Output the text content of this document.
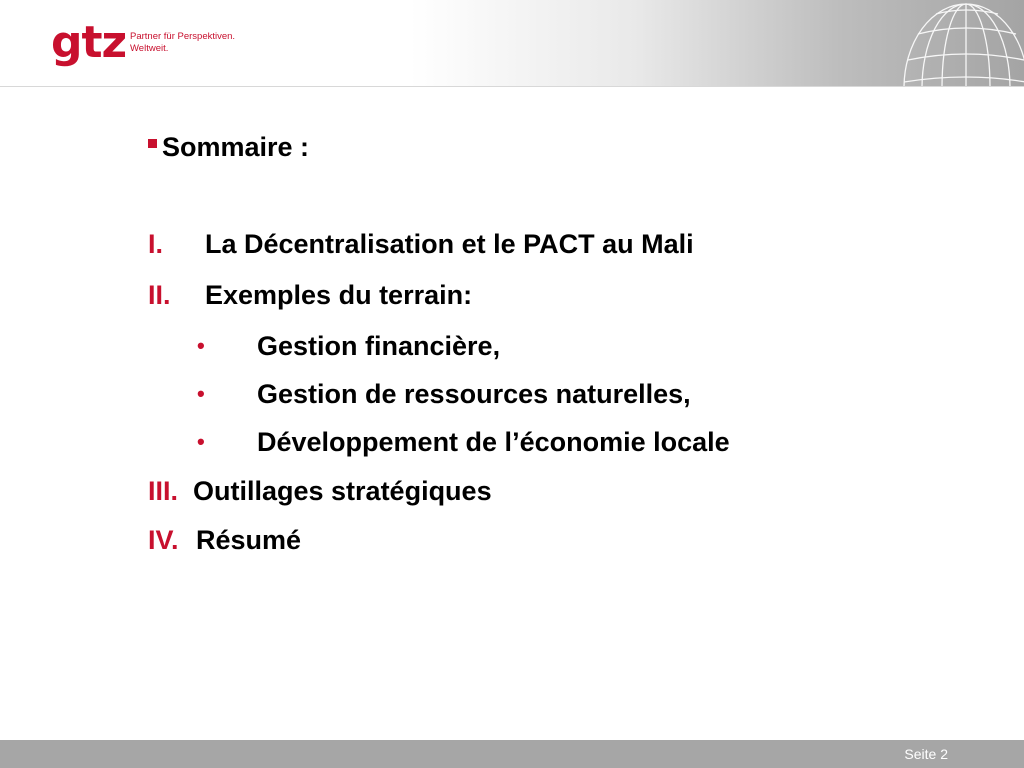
gtz Partner für Perspektiven.
Weltweit.
Sommaire :
I. La Décentralisation et le PACT au Mali
II. Exemples du terrain:
• Gestion financière,
• Gestion de ressources naturelles,
• Développement de l’économie locale
III. Outillages stratégiques
IV. Résumé
Seite 2
